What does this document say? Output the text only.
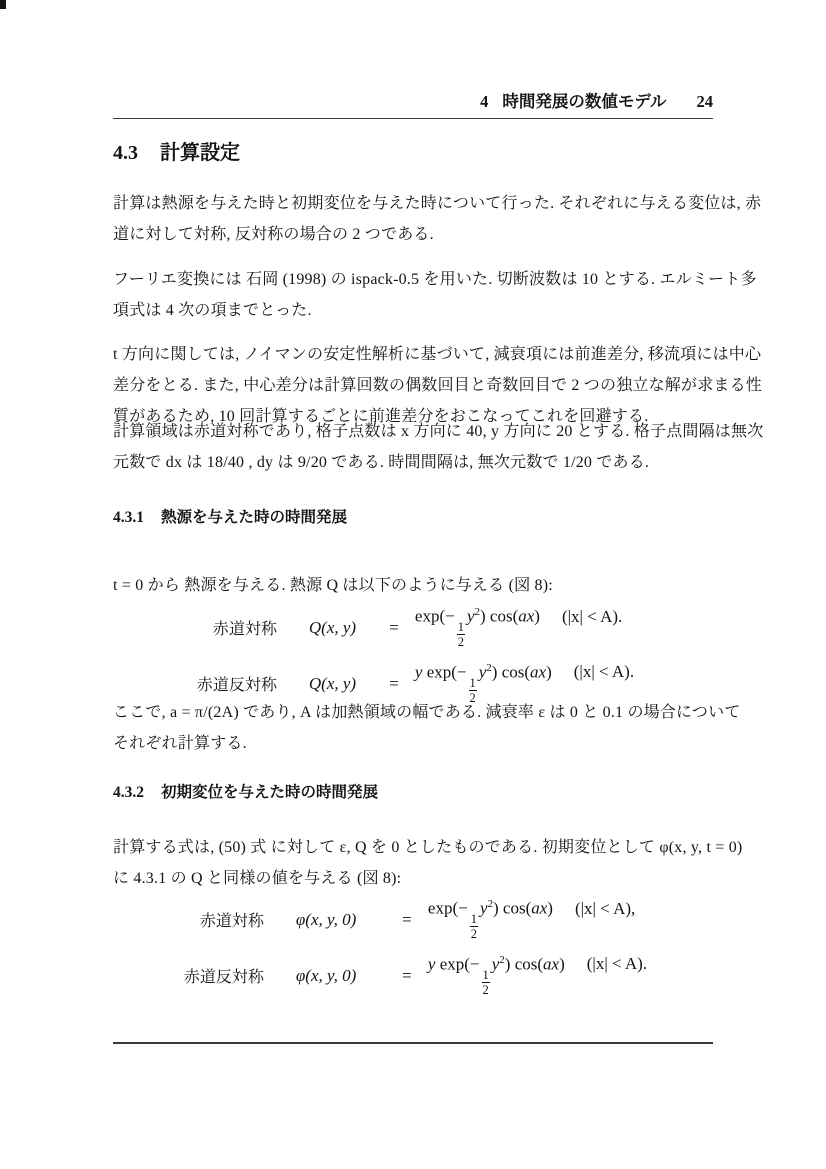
4 時間発展の数値モデル 24
4.3 計算設定
計算は熱源を与えた時と初期変位を与えた時について行った. それぞれに与える変位は, 赤
道に対して対称, 反対称の場合の 2 つである.
フーリエ変換には 石岡 (1998) の ispack-0.5 を用いた. 切断波数は 10 とする. エルミート多
項式は 4 次の項までとった.
t 方向に関しては, ノイマンの安定性解析に基づいて, 減衰項には前進差分, 移流項には中心
差分をとる. また, 中心差分は計算回数の偶数回目と奇数回目で 2 つの独立な解が求まる性
質があるため, 10 回計算するごとに前進差分をおこなってこれを回避する.
計算領域は赤道対称であり, 格子点数は x 方向に 40, y 方向に 20 とする. 格子点間隔は無次
元数で dx は 18/40 , dy は 9/20 である. 時間間隔は, 無次元数で 1/20 である.
4.3.1 熱源を与えた時の時間発展
t = 0 から 熱源を与える. 熱源 Q は以下のように与える (図 8):
赤道対称	Q(x, y)	=
exp(−
$\frac{1}{2}$
$y^2$) cos(ax) (|x| < A).
赤道反対称	Q(x, y)	=
y exp(−
$\frac{1}{2}$
$y^2$) cos(ax) (|x| < A).
ここで, a = π/(2A) であり, A は加熱領域の幅である. 減衰率 ε は 0 と 0.1 の場合について
それぞれ計算する.
4.3.2 初期変位を与えた時の時間発展
計算する式は, (50) 式 に対して ε, Q を 0 としたものである. 初期変位として φ(x, y, t = 0)
に 4.3.1 の Q と同様の値を与える (図 8):
赤道対称	φ(x, y, 0)	=
exp(−
$\frac{1}{2}$
$y^2$) cos(ax) (|x| < A),
赤道反対称	φ(x, y, 0)	=
y exp(−
$\frac{1}{2}$
$y^2$) cos(ax) (|x| < A).
